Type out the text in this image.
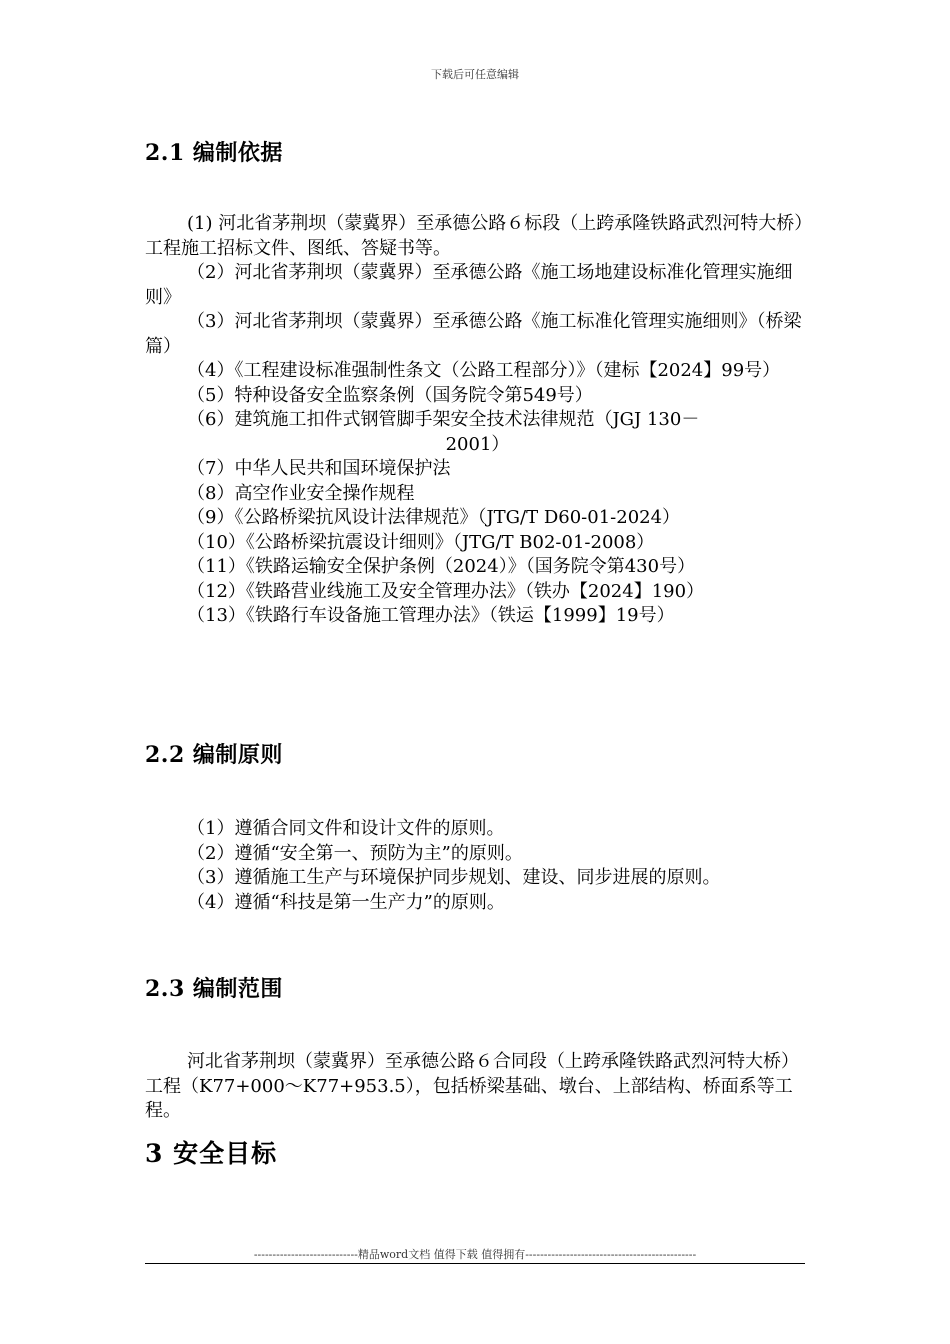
下载后可任意编辑
2.1 编制依据

(1) 河北省茅荆坝（蒙冀界）至承德公路６标段（上跨承隆铁路武烈河特大桥）工程施工招标文件、图纸、答疑书等。

（2）河北省茅荆坝（蒙冀界）至承德公路《施工场地建设标准化管理实施细则》

（3）河北省茅荆坝（蒙冀界）至承德公路《施工标准化管理实施细则》（桥梁篇）

（4）《工程建设标准强制性条文（公路工程部分）》（建标【2024】99号）

（5）特种设备安全监察条例（国务院令第549号）

（6）建筑施工扣件式钢管脚手架安全技术法律规范（JGJ 130－

2001）

（7）中华人民共和国环境保护法

（8）高空作业安全操作规程

（9）《公路桥梁抗风设计法律规范》（JTG/T D60-01-2024）

（10）《公路桥梁抗震设计细则》（JTG/T B02-01-2008）

（11）《铁路运输安全保护条例（2024）》（国务院令第430号）

（12）《铁路营业线施工及安全管理办法》（铁办【2024】190）

（13）《铁路行车设备施工管理办法》（铁运【1999】19号）

2.2 编制原则

（1）遵循合同文件和设计文件的原则。

（2）遵循“安全第一、预防为主”的原则。

（3）遵循施工生产与环境保护同步规划、建设、同步进展的原则。

（4）遵循“科技是第一生产力”的原则。

2.3 编制范围

河北省茅荆坝（蒙冀界）至承德公路６合同段（上跨承隆铁路武烈河特大桥）工程（K77+000～K77+953.5），包括桥梁基础、墩台、上部结构、桥面系等工程。

3 安全目标
----------------------------精品word文档 值得下载 值得拥有----------------------------------------------
